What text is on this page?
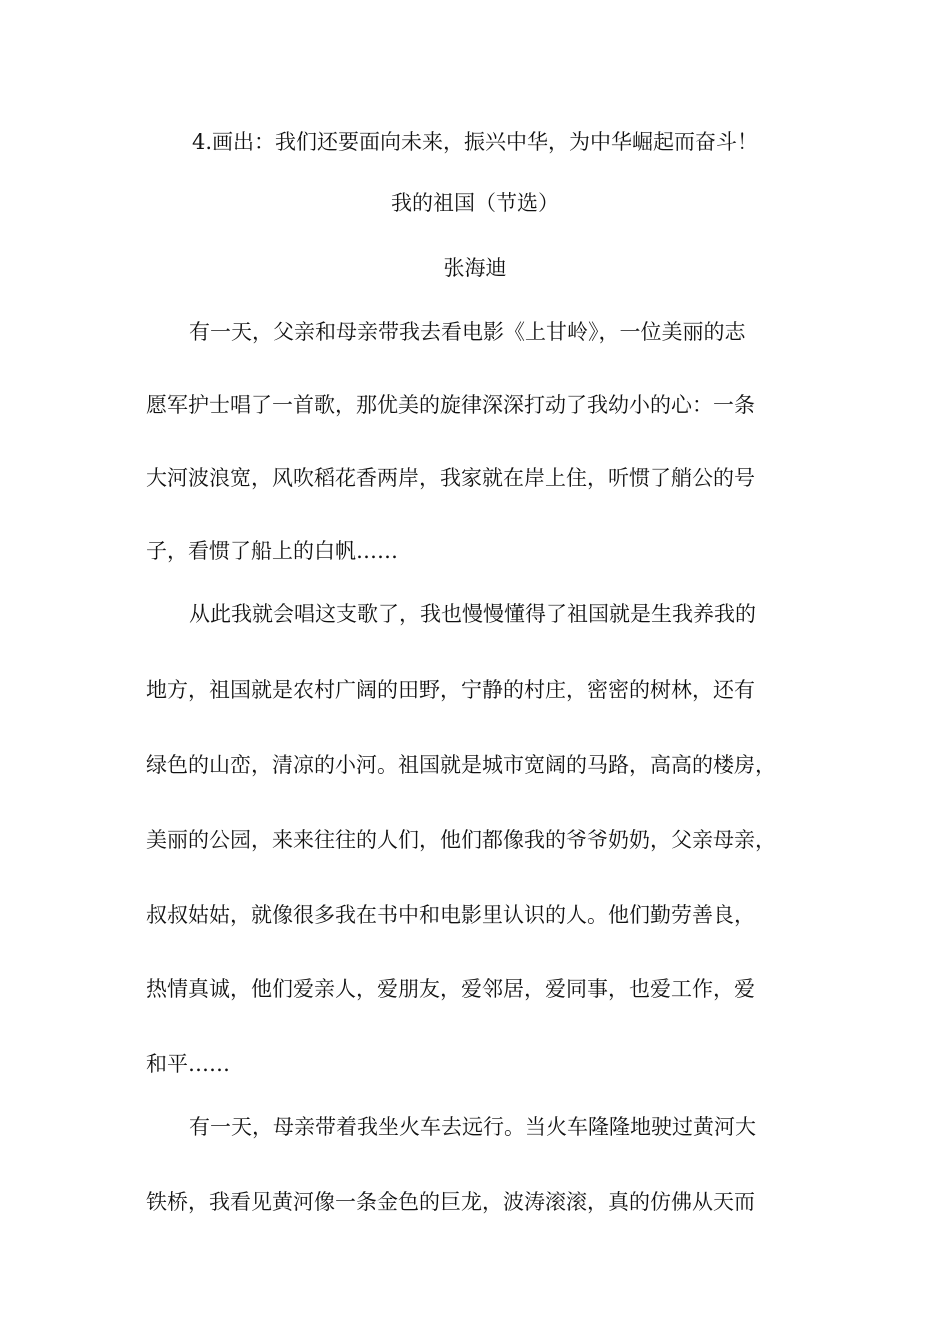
4.画出：我们还要面向未来，振兴中华，为中华崛起而奋斗！
我的祖国（节选）
张海迪
有一天，父亲和母亲带我去看电影《上甘岭》，一位美丽的志
愿军护士唱了一首歌，那优美的旋律深深打动了我幼小的心：一条
大河波浪宽，风吹稻花香两岸，我家就在岸上住，听惯了艄公的号
子，看惯了船上的白帆……
从此我就会唱这支歌了，我也慢慢懂得了祖国就是生我养我的
地方，祖国就是农村广阔的田野，宁静的村庄，密密的树林，还有
绿色的山峦，清凉的小河。祖国就是城市宽阔的马路，高高的楼房，
美丽的公园，来来往往的人们，他们都像我的爷爷奶奶，父亲母亲，
叔叔姑姑，就像很多我在书中和电影里认识的人。他们勤劳善良，
热情真诚，他们爱亲人，爱朋友，爱邻居，爱同事，也爱工作，爱
和平……
有一天，母亲带着我坐火车去远行。当火车隆隆地驶过黄河大
铁桥，我看见黄河像一条金色的巨龙，波涛滚滚，真的仿佛从天而
